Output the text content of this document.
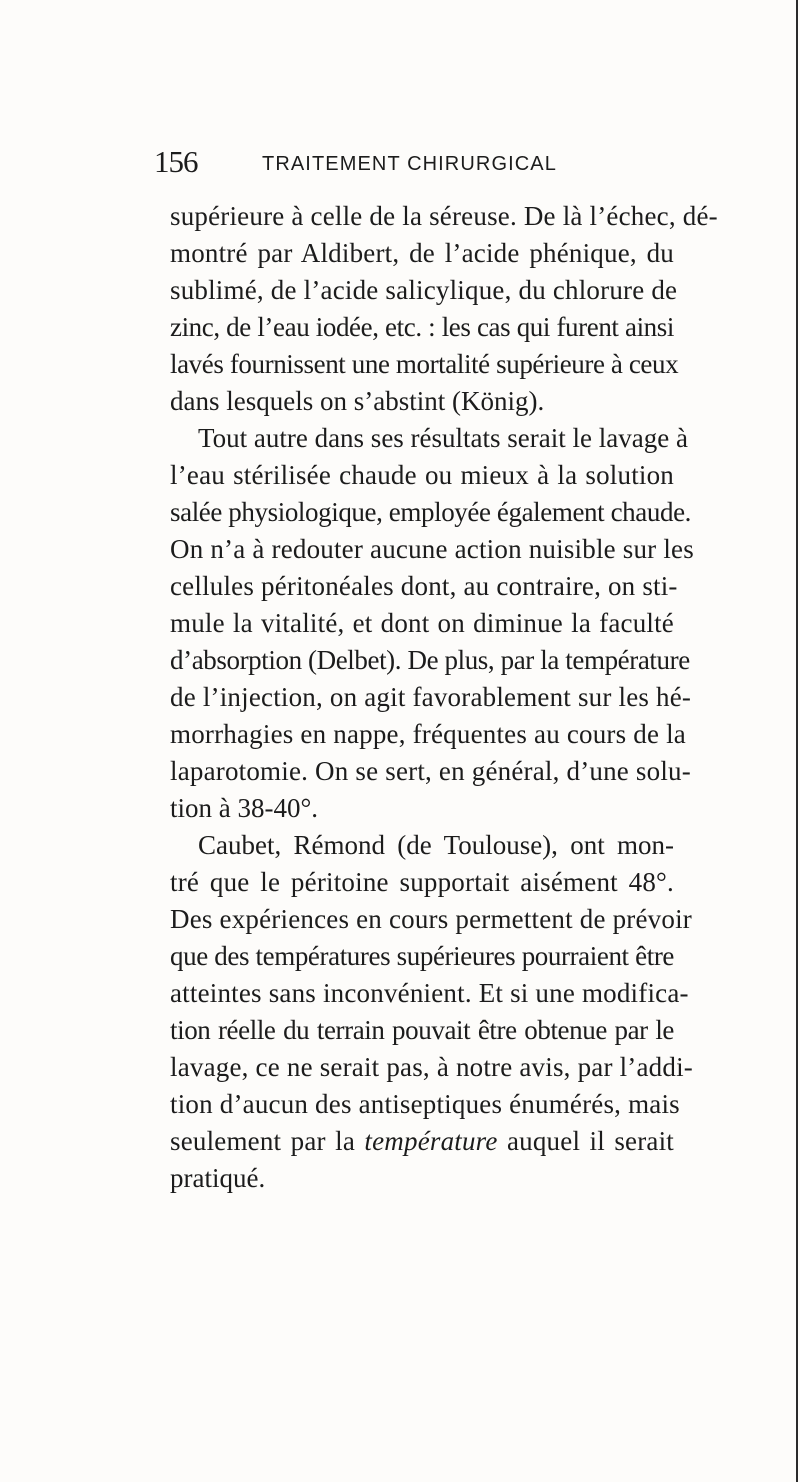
156	TRAITEMENT CHIRURGICAL
supérieure à celle de la séreuse. De là l’échec, dé-
montré par Aldibert, de l’acide phénique, du
sublimé, de l’acide salicylique, du chlorure de
zinc, de l’eau iodée, etc. : les cas qui furent ainsi
lavés fournissent une mortalité supérieure à ceux
dans lesquels on s’abstint (König).
Tout autre dans ses résultats serait le lavage à
l’eau stérilisée chaude ou mieux à la solution
salée physiologique, employée également chaude.
On n’a à redouter aucune action nuisible sur les
cellules péritonéales dont, au contraire, on sti-
mule la vitalité, et dont on diminue la faculté
d’absorption (Delbet). De plus, par la température
de l’injection, on agit favorablement sur les hé-
morrhagies en nappe, fréquentes au cours de la
laparotomie. On se sert, en général, d’une solu-
tion à 38-40°.
Caubet, Rémond (de Toulouse), ont mon-
tré que le péritoine supportait aisément 48°.
Des expériences en cours permettent de prévoir
que des températures supérieures pourraient être
atteintes sans inconvénient. Et si une modifica-
tion réelle du terrain pouvait être obtenue par le
lavage, ce ne serait pas, à notre avis, par l’addi-
tion d’aucun des antiseptiques énumérés, mais
seulement par la température auquel il serait
pratiqué.
